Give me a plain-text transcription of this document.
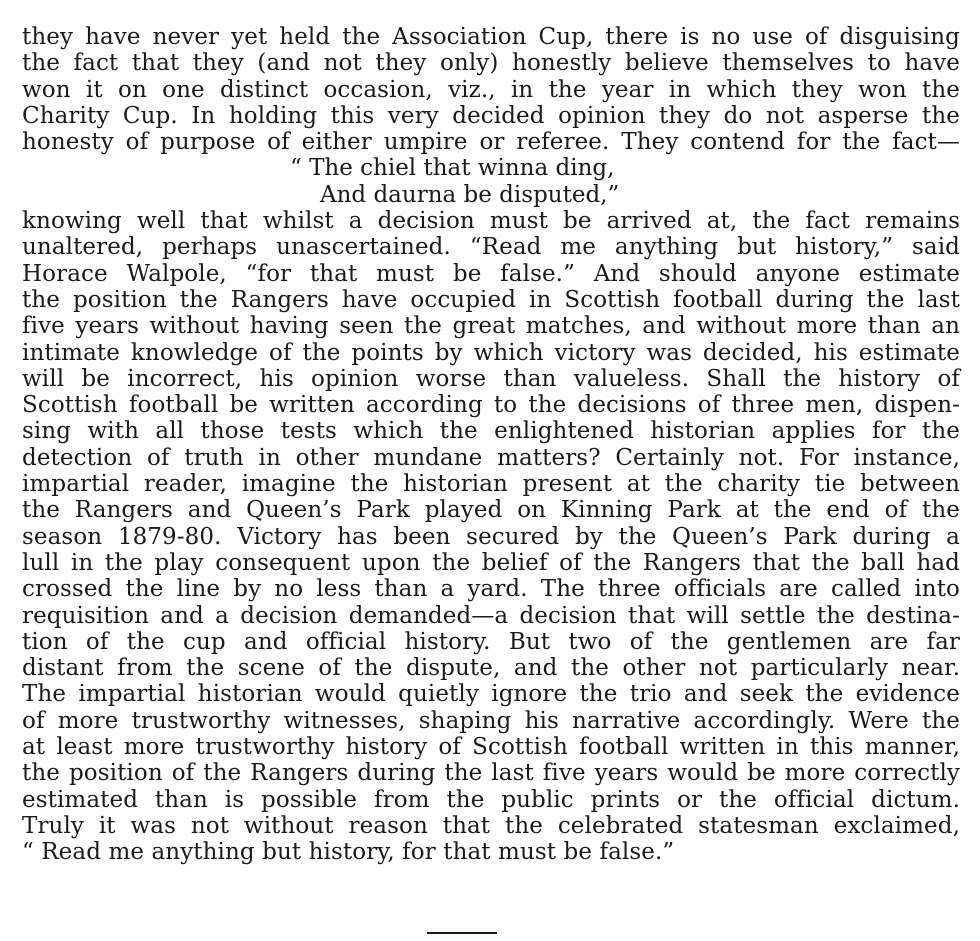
they have never yet held the Association Cup, there is no use of disguising
the fact that they (and not they only) honestly believe themselves to have
won it on one distinct occasion, viz., in the year in which they won the
Charity Cup. In holding this very decided opinion they do not asperse the
honesty of purpose of either umpire or referee. They contend for the fact—
“ The chiel that winna ding,
And daurna be disputed,”
knowing well that whilst a decision must be arrived at, the fact remains
unaltered, perhaps unascertained. “Read me anything but history,” said
Horace Walpole, “for that must be false.” And should anyone estimate
the position the Rangers have occupied in Scottish football during the last
five years without having seen the great matches, and without more than an
intimate knowledge of the points by which victory was decided, his estimate
will be incorrect, his opinion worse than valueless. Shall the history of
Scottish football be written according to the decisions of three men, dispen-
sing with all those tests which the enlightened historian applies for the
detection of truth in other mundane matters? Certainly not. For instance,
impartial reader, imagine the historian present at the charity tie between
the Rangers and Queen’s Park played on Kinning Park at the end of the
season 1879-80. Victory has been secured by the Queen’s Park during a
lull in the play consequent upon the belief of the Rangers that the ball had
crossed the line by no less than a yard. The three officials are called into
requisition and a decision demanded—a decision that will settle the destina-
tion of the cup and official history. But two of the gentlemen are far
distant from the scene of the dispute, and the other not particularly near.
The impartial historian would quietly ignore the trio and seek the evidence
of more trustworthy witnesses, shaping his narrative accordingly. Were the
at least more trustworthy history of Scottish football written in this manner,
the position of the Rangers during the last five years would be more correctly
estimated than is possible from the public prints or the official dictum.
Truly it was not without reason that the celebrated statesman exclaimed,
“ Read me anything but history, for that must be false.”
